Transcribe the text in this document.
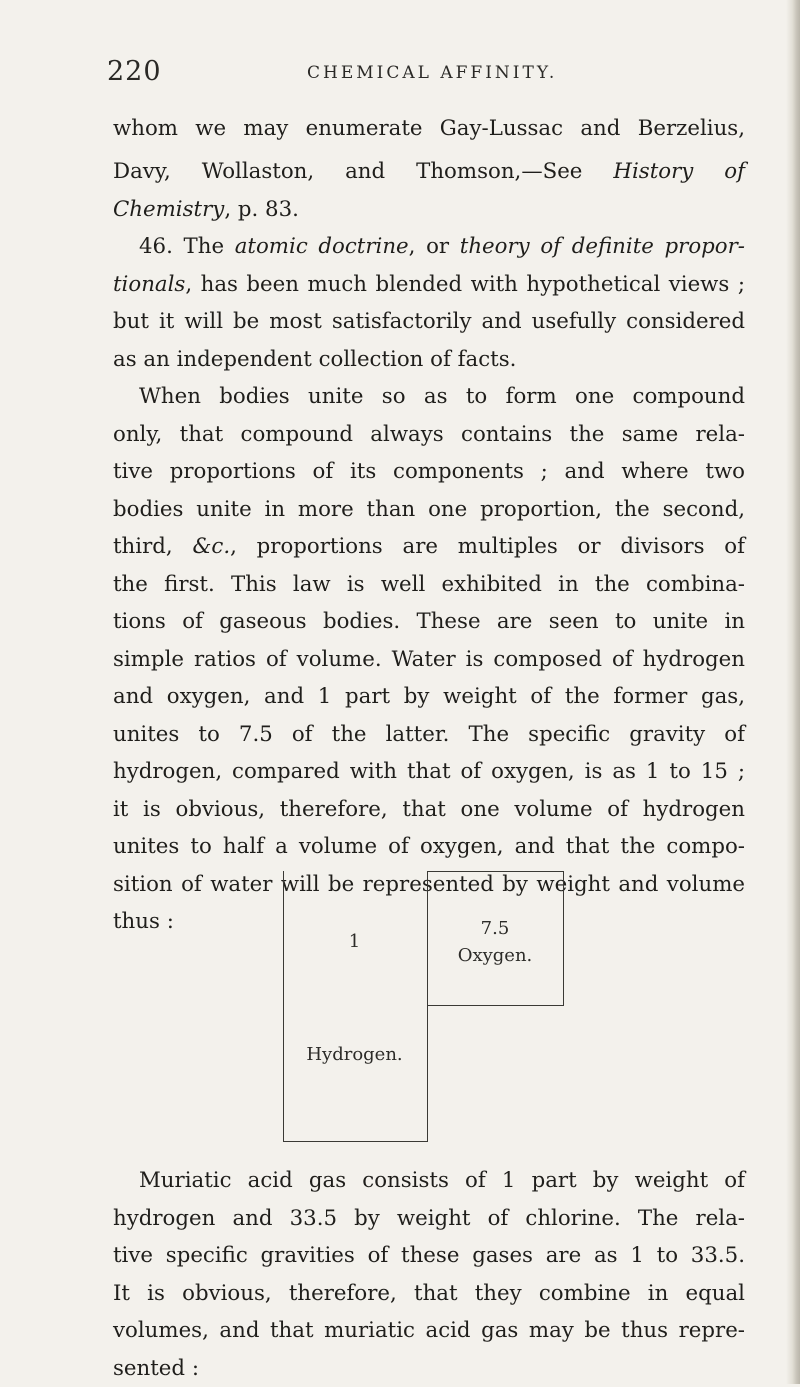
220	CHEMICAL AFFINITY.

whom we may enumerate Gay-Lussac and Berzelius,

Davy, Wollaston, and Thomson,—See History of
Chemistry, p. 83.
46. The atomic doctrine, or theory of definite propor-
tionals, has been much blended with hypothetical views ;
but it will be most satisfactorily and usefully considered
as an independent collection of facts.
When bodies unite so as to form one compound
only, that compound always contains the same rela-
tive proportions of its components ; and where two
bodies unite in more than one proportion, the second,
third, &c., proportions are multiples or divisors of
the first. This law is well exhibited in the combina-
tions of gaseous bodies. These are seen to unite in
simple ratios of volume. Water is composed of hydrogen
and oxygen, and 1 part by weight of the former gas,
unites to 7.5 of the latter. The specific gravity of
hydrogen, compared with that of oxygen, is as 1 to 15 ;
it is obvious, therefore, that one volume of hydrogen
unites to half a volume of oxygen, and that the compo-
sition of water will be represented by weight and volume
thus :

1
Hydrogen.
7.5
Oxygen.

Muriatic acid gas consists of 1 part by weight of
hydrogen and 33.5 by weight of chlorine. The rela-
tive specific gravities of these gases are as 1 to 33.5.
It is obvious, therefore, that they combine in equal
volumes, and that muriatic acid gas may be thus repre-
sented :
